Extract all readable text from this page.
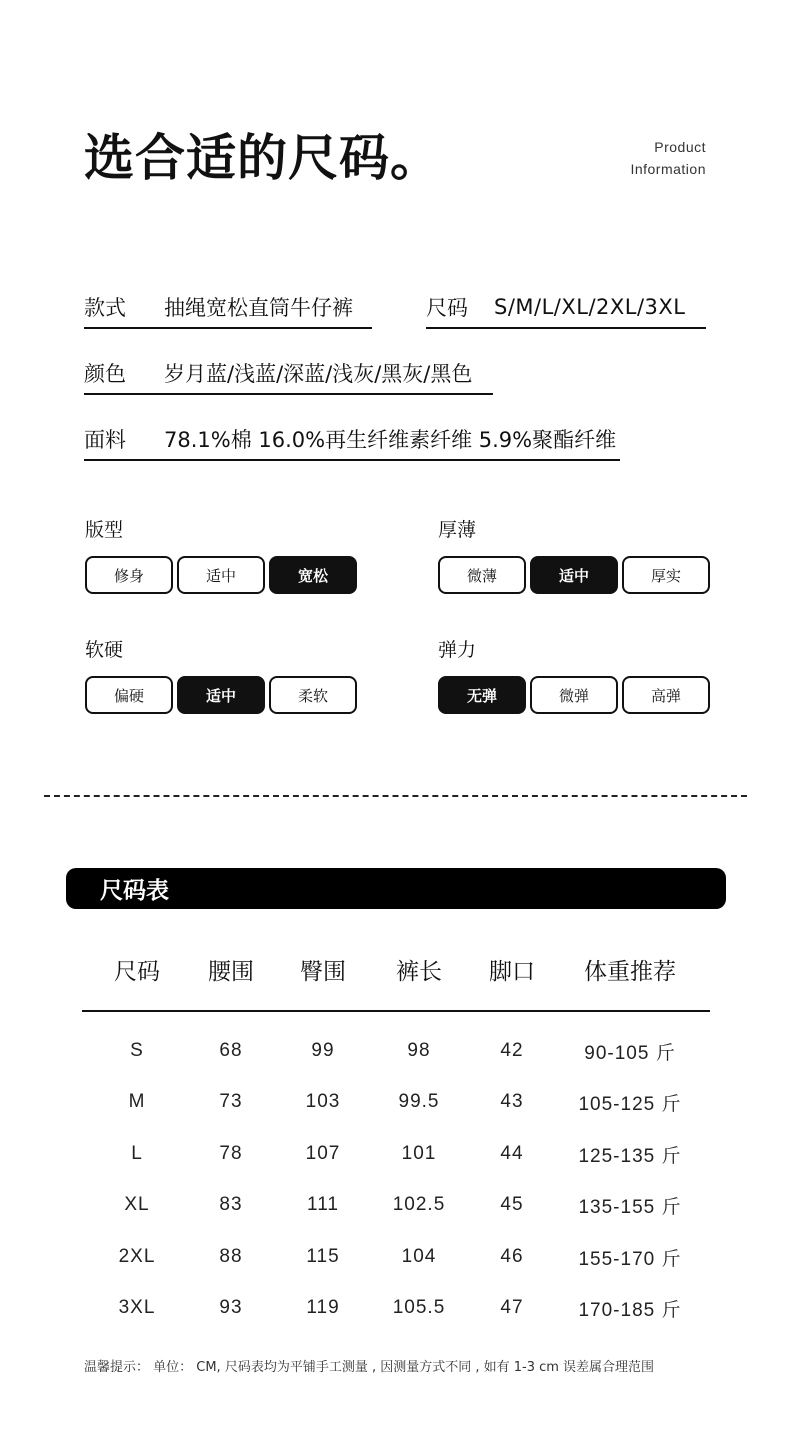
选合适的尺码。	Product
Information
款式	抽绳宽松直筒牛仔裤	尺码	S/M/L/XL/2XL/3XL
颜色	岁月蓝/浅蓝/深蓝/浅灰/黑灰/黑色
面料	78.1%棉 16.0%再生纤维素纤维 5.9%聚酯纤维
版型
修身	适中	宽松
厚薄
微薄	适中	厚实
软硬
偏硬	适中	柔软
弹力
无弹	微弹	高弹
尺码表
尺码	腰围	臀围	裤长	脚口	体重推荐
S	68	99	98	42	90-105 斤
M	73	103	99.5	43	105-125 斤
L	78	107	101	44	125-135 斤
XL	83	111	102.5	45	135-155 斤
2XL	88	115	104	46	155-170 斤
3XL	93	119	105.5	47	170-185 斤
温馨提示： 单位： CM, 尺码表均为平铺手工测量 , 因测量方式不同 , 如有 1-3 cm 误差属合理范围
